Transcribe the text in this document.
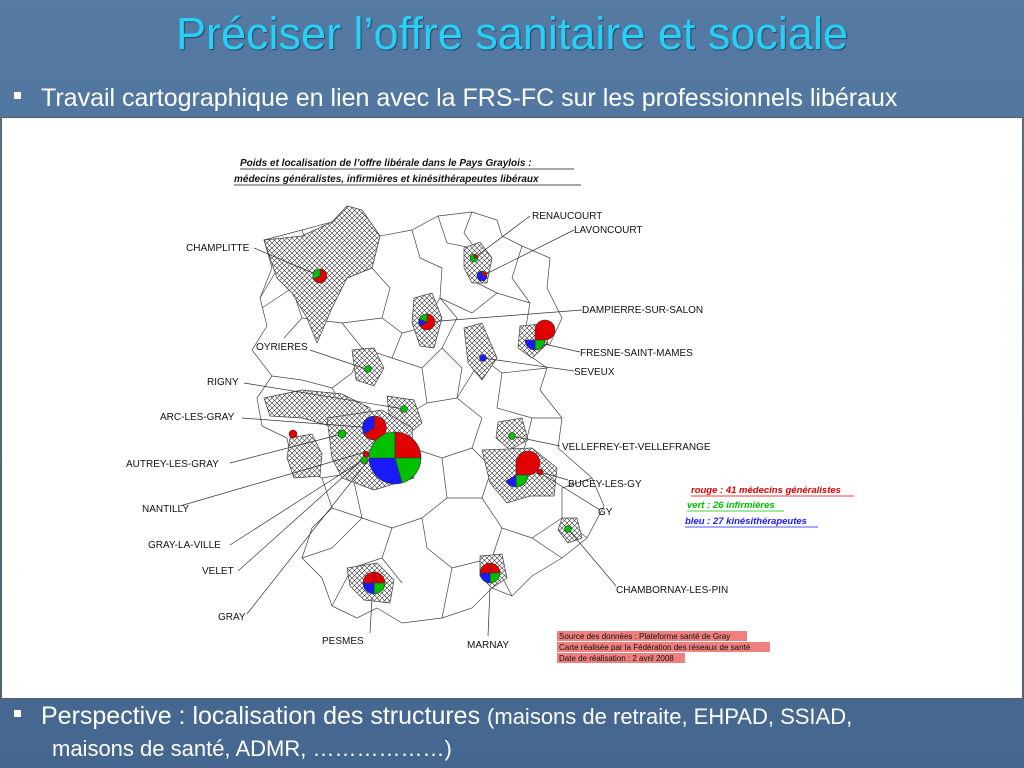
Préciser l’offre sanitaire et sociale
Travail cartographique en lien avec la FRS-FC sur les professionnels libéraux
Poids et localisation de l’offre libérale dans le Pays Graylois :
médecins généralistes, infirmières et kinésithérapeutes libéraux
CHAMPLITTE
RENAUCOURT
LAVONCOURT
DAMPIERRE-SUR-SALON
FRESNE-SAINT-MAMES
SEVEUX
OYRIERES
RIGNY
ARC-LES-GRAY
AUTREY-LES-GRAY
NANTILLY
GRAY-LA-VILLE
VELET
GRAY
PESMES	MARNAY
VELLEFREY-ET-VELLEFRANGE
BUCEY-LES-GY
GY
CHAMBORNAY-LES-PIN
rouge : 41 médecins généralistes
vert : 26 infirmières
bleu : 27 kinésithérapeutes
Source des données : Plateforme santé de Gray
Carte réalisée par la Fédération des réseaux de santé
Date de réalisation : 2 avril 2008
Perspective : localisation des structures (maisons de retraite, EHPAD, SSIAD,
maisons de santé, ADMR, ………………)
